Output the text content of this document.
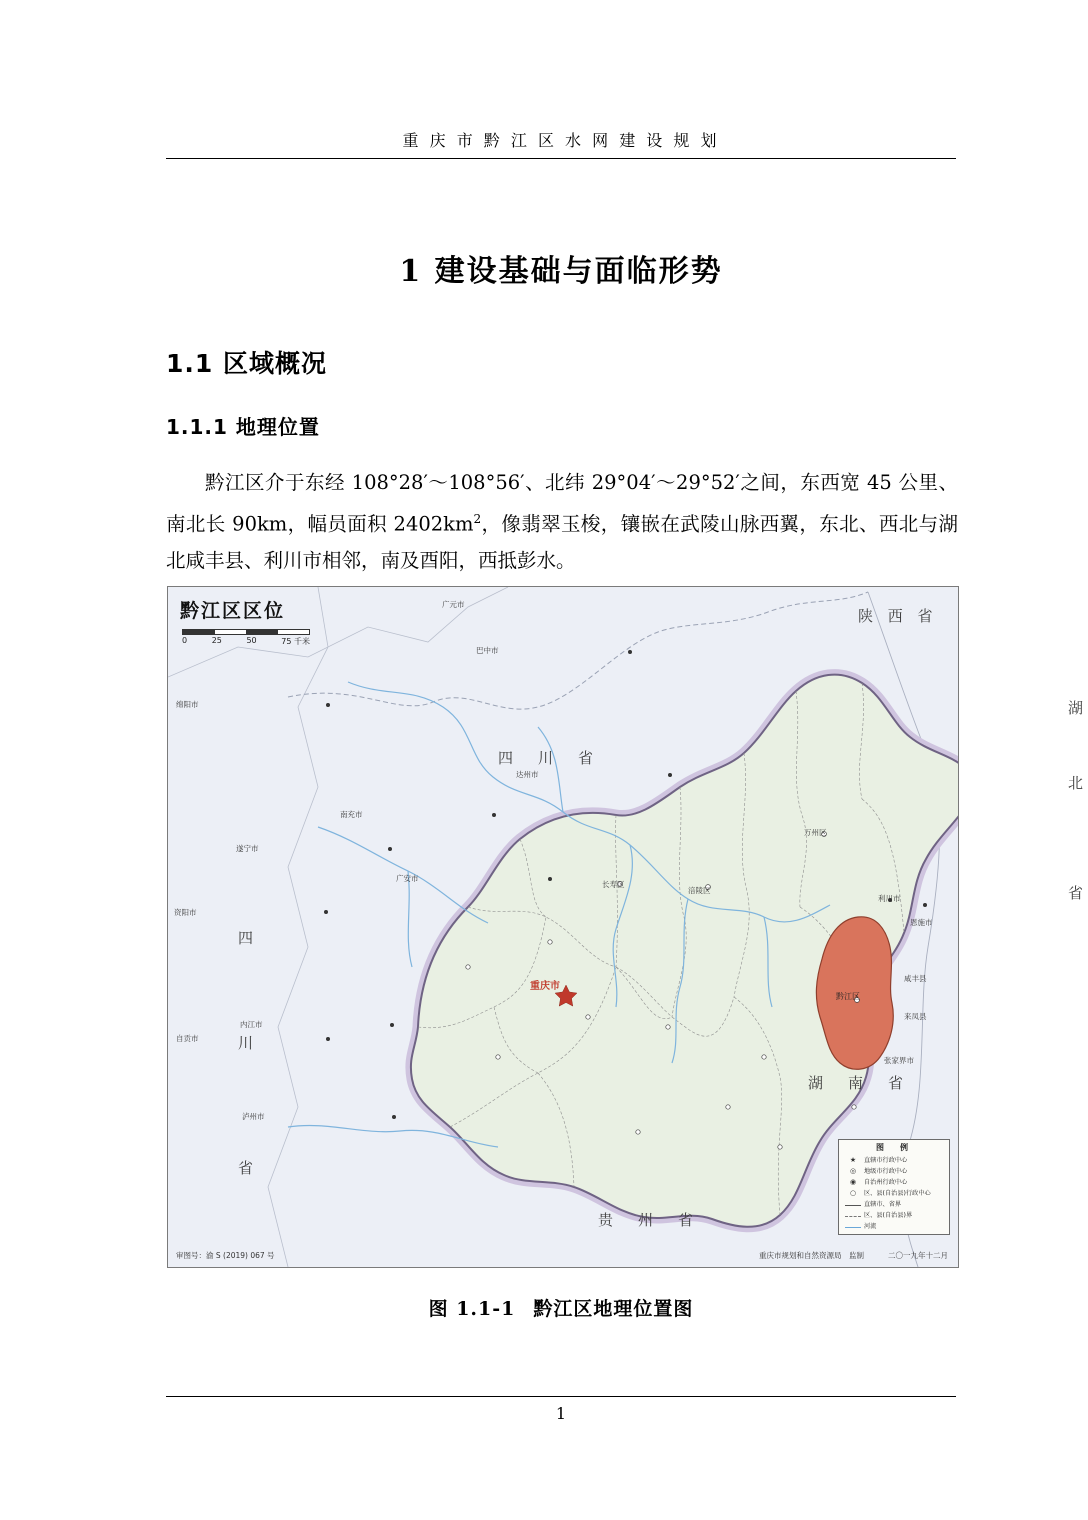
重 庆 市 黔 江 区 水 网 建 设 规 划
1 建设基础与面临形势
1.1 区域概况
1.1.1 地理位置

黔江区介于东经 108°28′～108°56′、北纬 29°04′～29°52′之间，东西宽 45 公里、南北长 90km，幅员面积 $2402km^2$，像翡翠玉梭，镶嵌在武陵山脉西翼，东北、西北与湖北咸丰县、利川市相邻，南及酉阳，西抵彭水。

黔江区区位
0	25	50	75 千米
四　川　省
陕 西 省
湖
北
省
四
川
省
贵　州　省
湖　南　省
绵阳市
遂宁市
资阳市
内江市
自贡市
泸州市
南充市
广安市
达州市
巴中市
广元市
万州区
涪陵区
长寿区
利川市
恩施市
咸丰县
来凤县
张家界市
重庆市
黔江区
图　例
★	直辖市行政中心
◎	地级市行政中心
◉	自治州行政中心
○	区、县(自治县)行政中心
直辖市、省界
区、县(自治县)界
河流
审图号：渝 S (2019) 067 号	重庆市规划和自然资源局　监制	二〇一九年十二月
图 1.1-1 黔江区地理位置图
1
